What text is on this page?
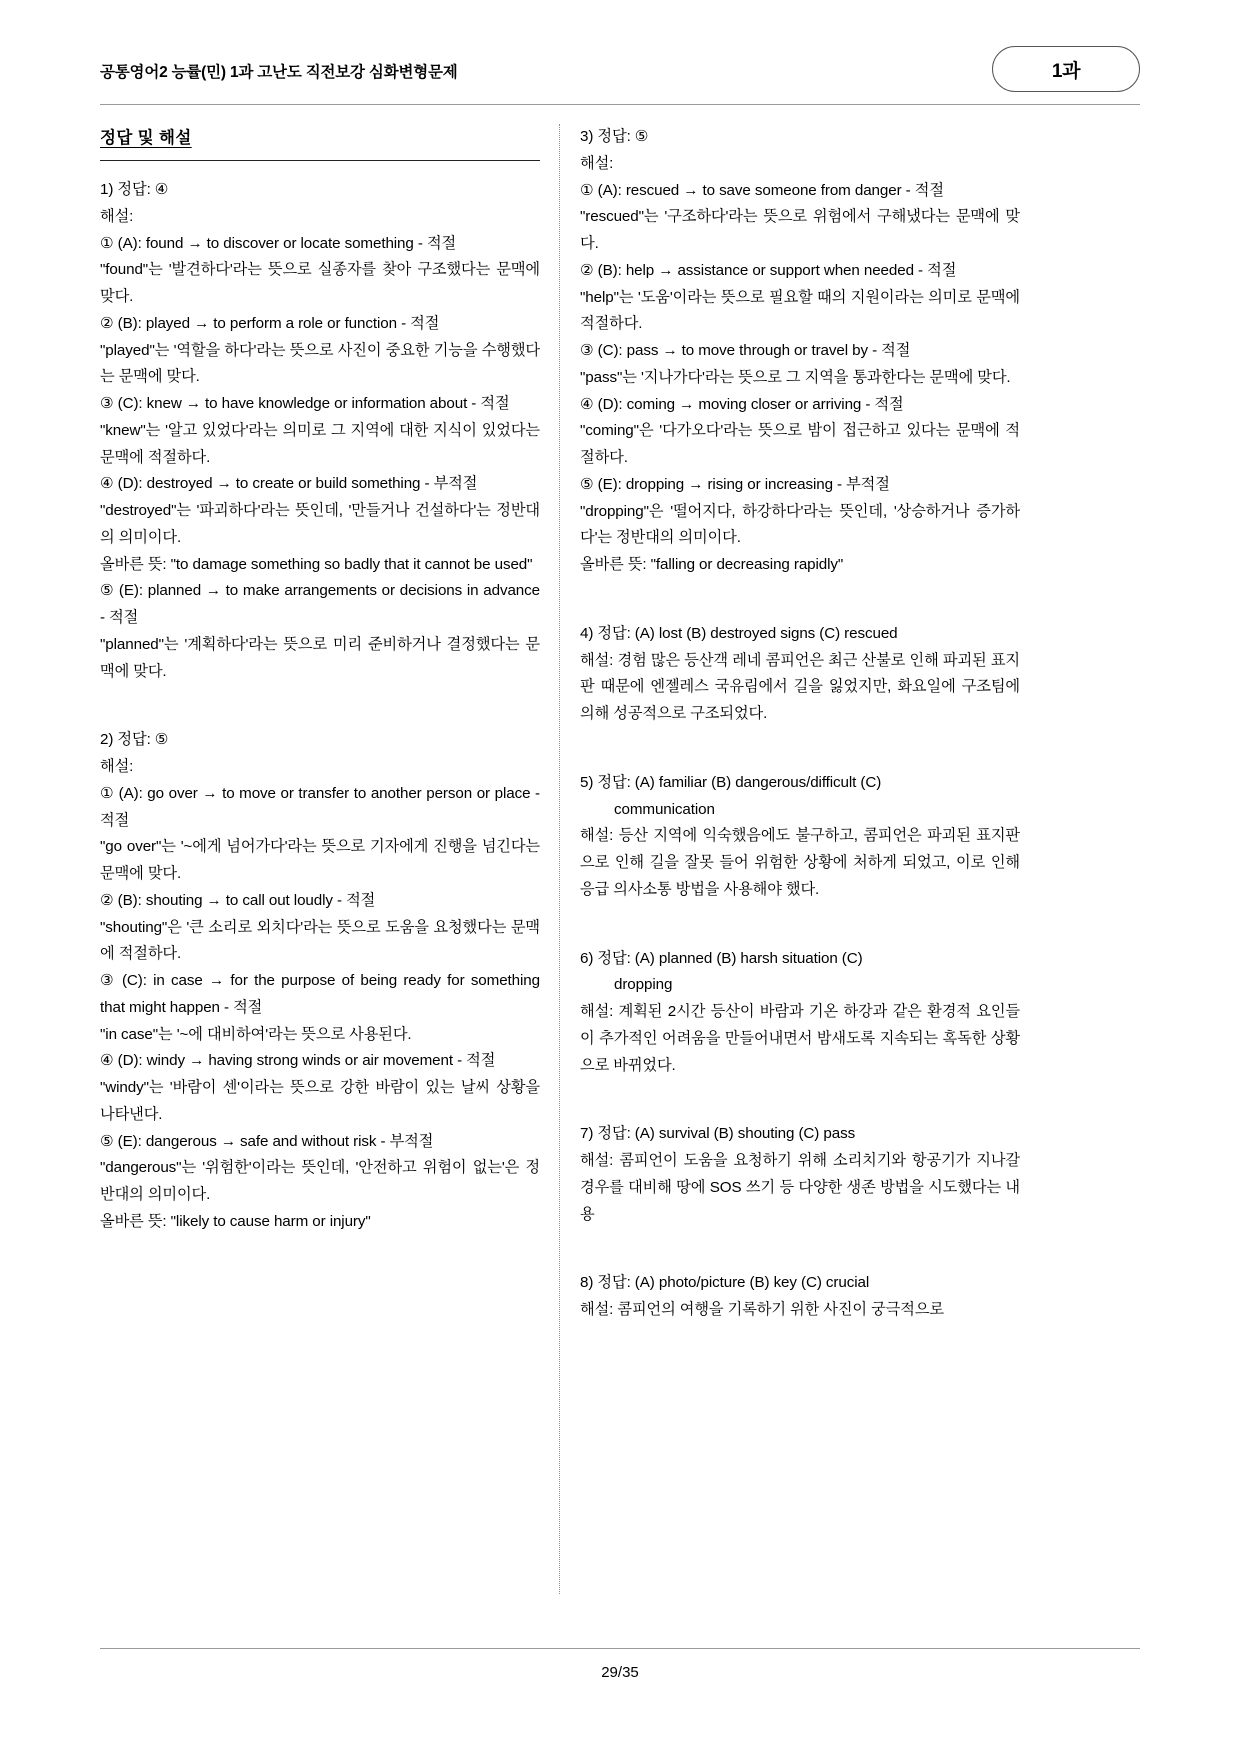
공통영어2 능률(민) 1과 고난도 직전보강 심화변형문제	1과
정답 및 해설

1) 정답: ④

해설:

① (A): found → to discover or locate something - 적절

"found"는 '발견하다'라는 뜻으로 실종자를 찾아 구조했다는 문맥에 맞다.

② (B): played → to perform a role or function - 적절

"played"는 '역할을 하다'라는 뜻으로 사진이 중요한 기능을 수행했다는 문맥에 맞다.

③ (C): knew → to have knowledge or information about - 적절

"knew"는 '알고 있었다'라는 의미로 그 지역에 대한 지식이 있었다는 문맥에 적절하다.

④ (D): destroyed → to create or build something - 부적절

"destroyed"는 '파괴하다'라는 뜻인데, '만들거나 건설하다'는 정반대의 의미이다.

올바른 뜻: "to damage something so badly that it cannot be used"

⑤ (E): planned → to make arrangements or decisions in advance - 적절

"planned"는 '계획하다'라는 뜻으로 미리 준비하거나 결정했다는 문맥에 맞다.

2) 정답: ⑤

해설:

① (A): go over → to move or transfer to another person or place - 적절

"go over"는 '~에게 넘어가다'라는 뜻으로 기자에게 진행을 넘긴다는 문맥에 맞다.

② (B): shouting → to call out loudly - 적절

"shouting"은 '큰 소리로 외치다'라는 뜻으로 도움을 요청했다는 문맥에 적절하다.

③ (C): in case → for the purpose of being ready for something that might happen - 적절

"in case"는 '~에 대비하여'라는 뜻으로 사용된다.

④ (D): windy → having strong winds or air movement - 적절

"windy"는 '바람이 센'이라는 뜻으로 강한 바람이 있는 날씨 상황을 나타낸다.

⑤ (E): dangerous → safe and without risk - 부적절

"dangerous"는 '위험한'이라는 뜻인데, '안전하고 위험이 없는'은 정반대의 의미이다.

올바른 뜻: "likely to cause harm or injury"

3) 정답: ⑤

해설:

① (A): rescued → to save someone from danger - 적절

"rescued"는 '구조하다'라는 뜻으로 위험에서 구해냈다는 문맥에 맞다.

② (B): help → assistance or support when needed - 적절

"help"는 '도움'이라는 뜻으로 필요할 때의 지원이라는 의미로 문맥에 적절하다.

③ (C): pass → to move through or travel by - 적절

"pass"는 '지나가다'라는 뜻으로 그 지역을 통과한다는 문맥에 맞다.

④ (D): coming → moving closer or arriving - 적절

"coming"은 '다가오다'라는 뜻으로 밤이 접근하고 있다는 문맥에 적절하다.

⑤ (E): dropping → rising or increasing - 부적절

"dropping"은 '떨어지다, 하강하다'라는 뜻인데, '상승하거나 증가하다'는 정반대의 의미이다.

올바른 뜻: "falling or decreasing rapidly"

4) 정답: (A) lost (B) destroyed signs (C) rescued

해설: 경험 많은 등산객 레네 콤피언은 최근 산불로 인해 파괴된 표지판 때문에 엔젤레스 국유림에서 길을 잃었지만, 화요일에 구조팀에 의해 성공적으로 구조되었다.

5) 정답: (A) familiar (B) dangerous/difficult (C)

communication

해설: 등산 지역에 익숙했음에도 불구하고, 콤피언은 파괴된 표지판으로 인해 길을 잘못 들어 위험한 상황에 처하게 되었고, 이로 인해 응급 의사소통 방법을 사용해야 했다.

6) 정답: (A) planned (B) harsh situation (C)

dropping

해설: 계획된 2시간 등산이 바람과 기온 하강과 같은 환경적 요인들이 추가적인 어려움을 만들어내면서 밤새도록 지속되는 혹독한 상황으로 바뀌었다.

7) 정답: (A) survival (B) shouting (C) pass

해설: 콤피언이 도움을 요청하기 위해 소리치기와 항공기가 지나갈 경우를 대비해 땅에 SOS 쓰기 등 다양한 생존 방법을 시도했다는 내용

8) 정답: (A) photo/picture (B) key (C) crucial

해설: 콤피언의 여행을 기록하기 위한 사진이 궁극적으로

29/35
